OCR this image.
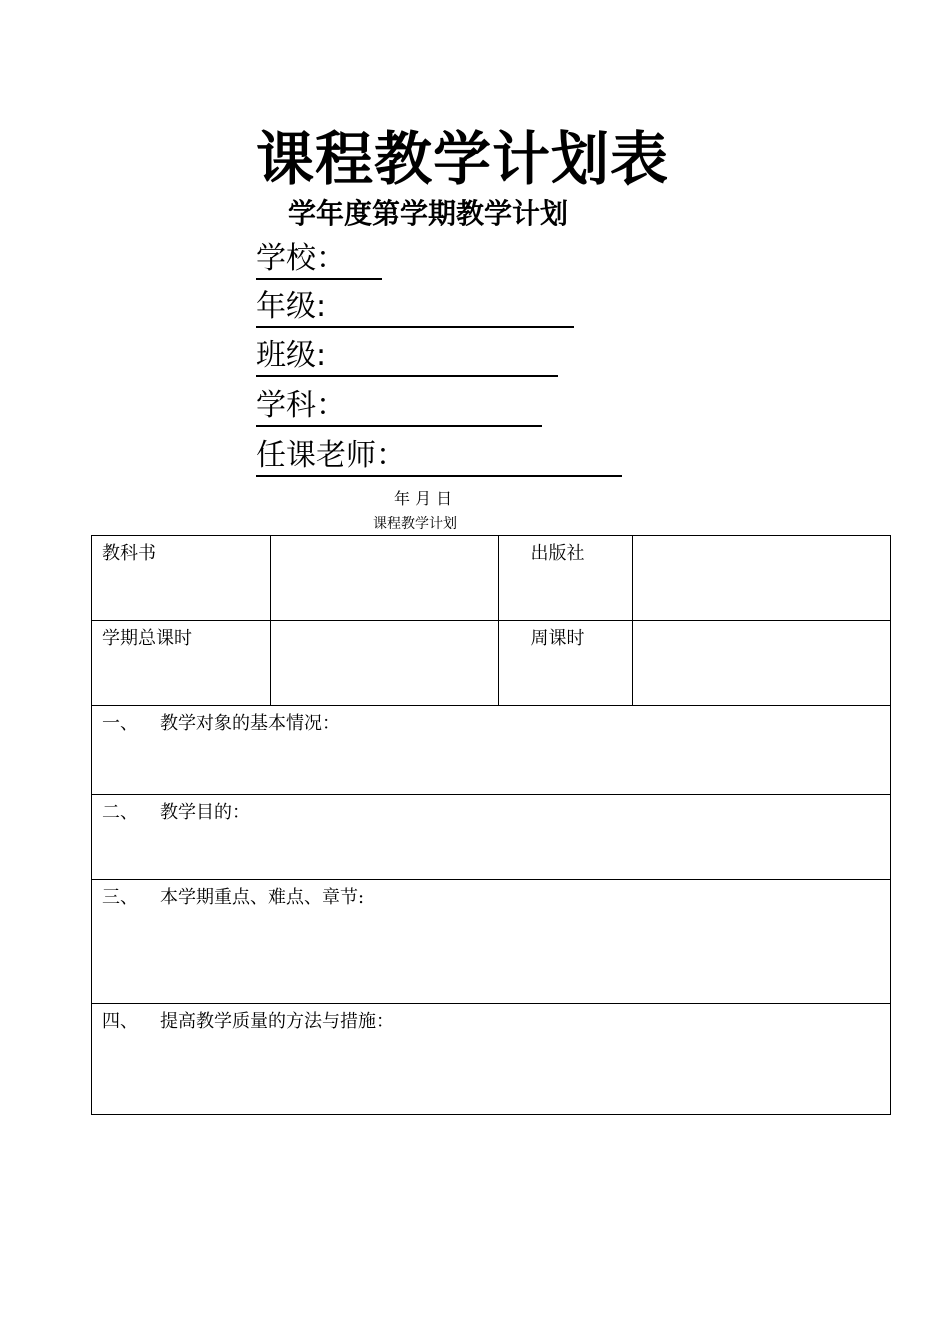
课程教学计划表
学年度第学期教学计划
学校：
年级:
班级:
学科：
任课老师：
年 月 日
课程教学计划
教科书		出版社	
学期总课时		周课时	
一、 教学对象的基本情况：			
二、 教学目的：			
三、 本学期重点、难点、章节:			
四、 提高教学质量的方法与措施：			
